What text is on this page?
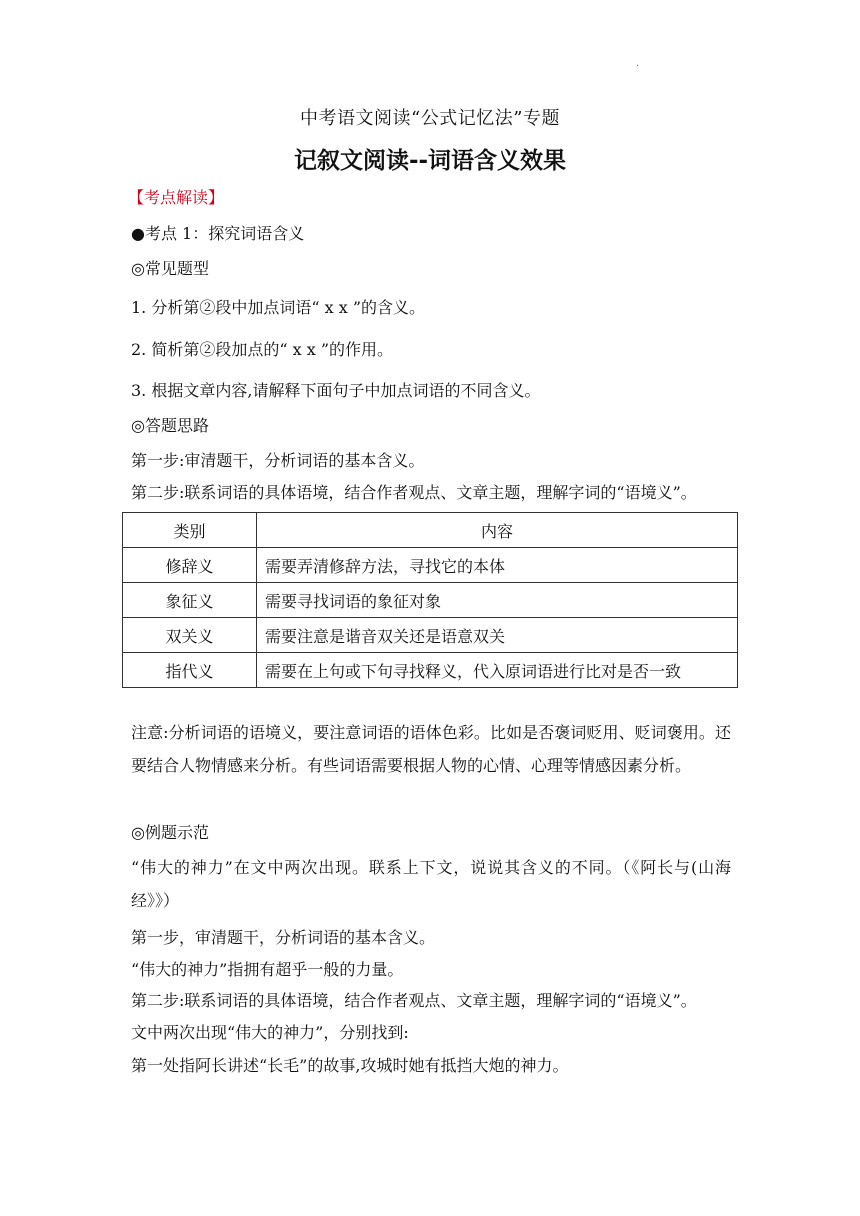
.
中考语文阅读“公式记忆法”专题
记叙文阅读--词语含义效果
【考点解读】
●考点 1：探究词语含义
◎常见题型
1. 分析第②段中加点词语“ x x ”的含义。
2. 简析第②段加点的“ x x ”的作用。
3. 根据文章内容,请解释下面句子中加点词语的不同含义。
◎答题思路
第一步:审清题干，分析词语的基本含义。
第二步:联系词语的具体语境，结合作者观点、文章主题，理解字词的“语境义”。
类别	内容
修辞义	需要弄清修辞方法，寻找它的本体
象征义	需要寻找词语的象征对象
双关义	需要注意是谐音双关还是语意双关
指代义	需要在上句或下句寻找释义，代入原词语进行比对是否一致
注意:分析词语的语境义，要注意词语的语体色彩。比如是否褒词贬用、贬词褒用。还要结合人物情感来分析。有些词语需要根据人物的心情、心理等情感因素分析。
◎例题示范
“伟大的神力”在文中两次出现。联系上下文，说说其含义的不同。（《阿长与(山海经》》）
第一步，审清题干，分析词语的基本含义。
“伟大的神力”指拥有超乎一般的力量。
第二步:联系词语的具体语境，结合作者观点、文章主题，理解字词的“语境义”。
文中两次出现“伟大的神力”，分别找到:
第一处指阿长讲述“长毛”的故事,攻城时她有抵挡大炮的神力。
